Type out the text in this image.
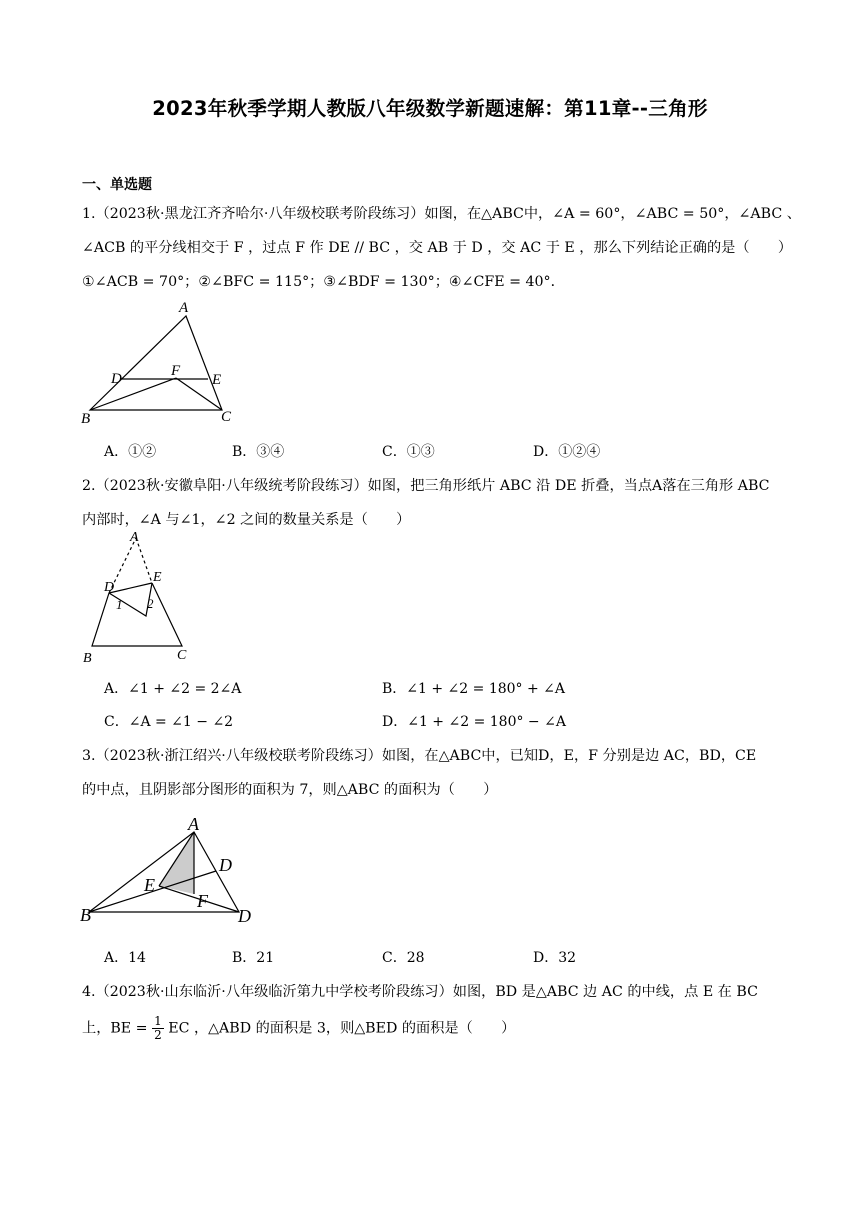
2023年秋季学期人教版八年级数学新题速解：第11章--三角形
一、单选题
1.（2023秋·黑龙江齐齐哈尔·八年级校联考阶段练习）如图，在△ABC中，∠A = 60°，∠ABC = 50°，∠ABC 、
∠ACB 的平分线相交于 F ，过点 F 作 DE // BC ，交 AB 于 D ，交 AC 于 E ，那么下列结论正确的是（　　）
①∠ACB = 70°；②∠BFC = 115°；③∠BDF = 130°；④∠CFE = 40°．
A
D	F
E
B	C
A．①②	B．③④	C．①③	D．①②④
2.（2023秋·安徽阜阳·八年级统考阶段练习）如图，把三角形纸片 ABC 沿 DE 折叠，当点A落在三角形 ABC
内部时，∠A 与∠1，∠2 之间的数量关系是（　　）
A
D
E
1 2
B	C
A．∠1 + ∠2 = 2∠A	B．∠1 + ∠2 = 180° + ∠A
C．∠A = ∠1 − ∠2	D．∠1 + ∠2 = 180° − ∠A
3.（2023秋·浙江绍兴·八年级校联考阶段练习）如图，在△ABC中，已知D，E，F 分别是边 AC，BD，CE
的中点，且阴影部分图形的面积为 7，则△ABC 的面积为（　　）
A
D
E
F
B	D
A．14	B．21	C．28	D．32
4.（2023秋·山东临沂·八年级临沂第九中学校考阶段练习）如图，BD 是△ABC 边 AC 的中线，点 E 在 BC
上，BE = $\frac{1}{2}$ EC ，△ABD 的面积是 3，则△BED 的面积是（　　）
